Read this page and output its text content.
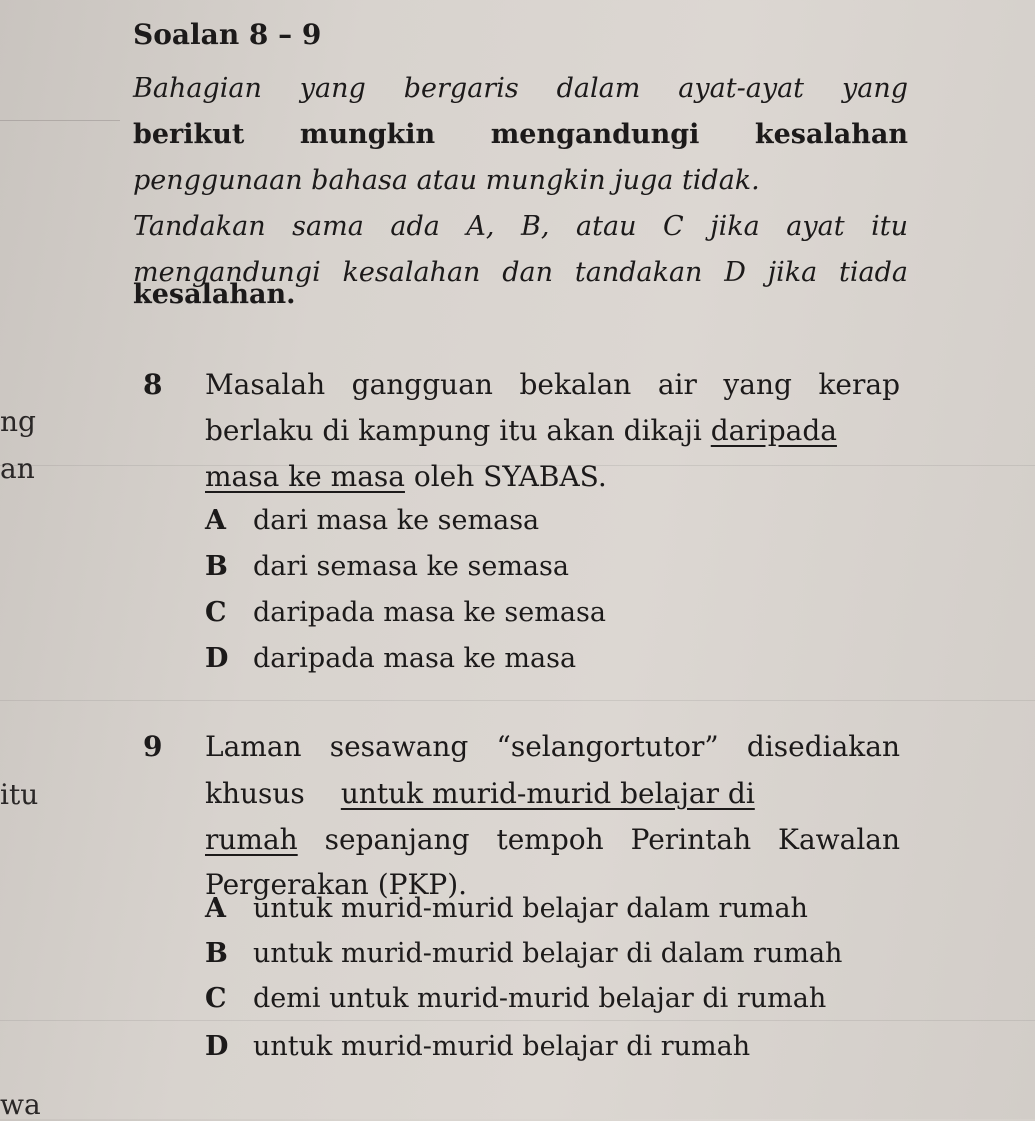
Soalan 8 – 9
Bahagian yang bergaris dalam ayat-ayat yang
berikut mungkin mengandungi kesalahan
penggunaan bahasa atau mungkin juga tidak.
Tandakan sama ada A, B, atau C jika ayat itu
mengandungi kesalahan dan tandakan D jika tiada
kesalahan.
ng
an
itu
wa
8 Masalah gangguan bekalan air yang kerap
berlaku di kampung itu akan dikaji daripada
masa ke masa oleh SYABAS.
A dari masa ke semasa
B dari semasa ke semasa
C daripada masa ke semasa
D daripada masa ke masa
9 Laman sesawang “selangortutor” disediakan
khusus untuk murid-murid belajar di
rumah sepanjang tempoh Perintah Kawalan
Pergerakan (PKP).
A untuk murid-murid belajar dalam rumah
B untuk murid-murid belajar di dalam rumah
C demi untuk murid-murid belajar di rumah
D untuk murid-murid belajar di rumah
